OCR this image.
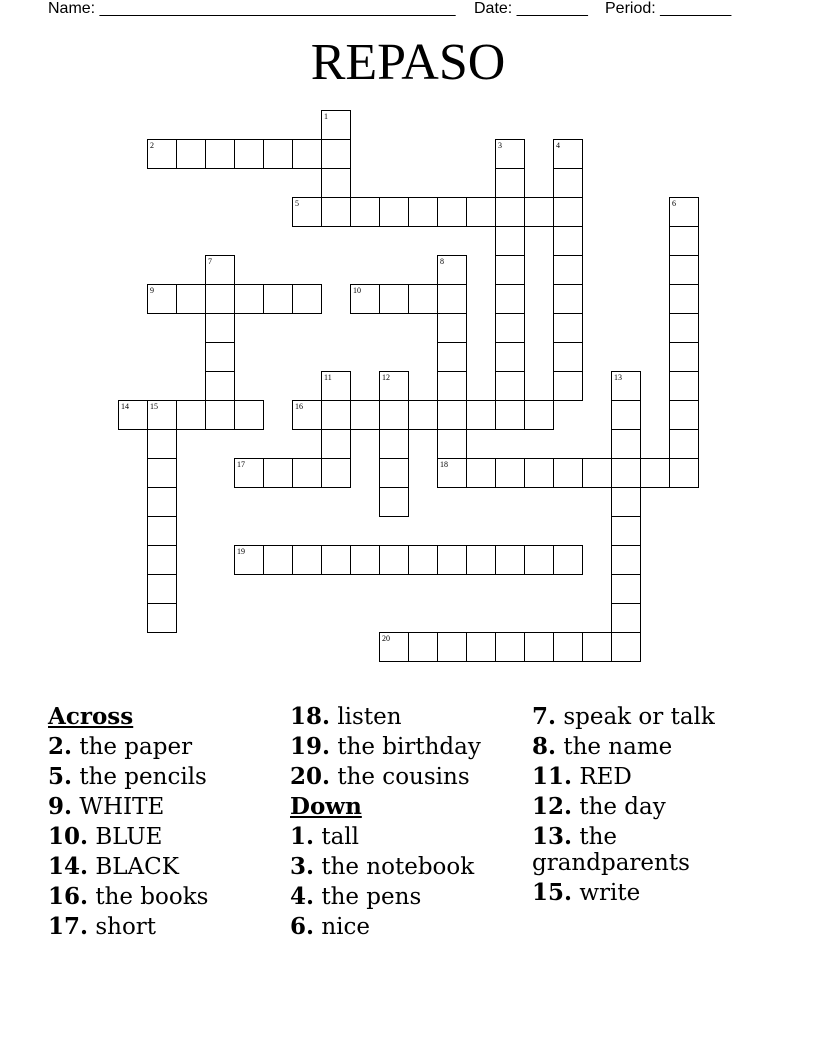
Name: ________________________________________ Date: ________ Period: ________
REPASO
1
2	3	4
5	6
7	8
9	10
11	12	13
14	15	16
17	18
19
20
Across
2. the paper
5. the pencils
9. WHITE
10. BLUE
14. BLACK
16. the books
17. short
18. listen
19. the birthday
20. the cousins
Down
1. tall
3. the notebook
4. the pens
6. nice
7. speak or talk
8. the name
11. RED
12. the day
13. the grandparents
15. write
